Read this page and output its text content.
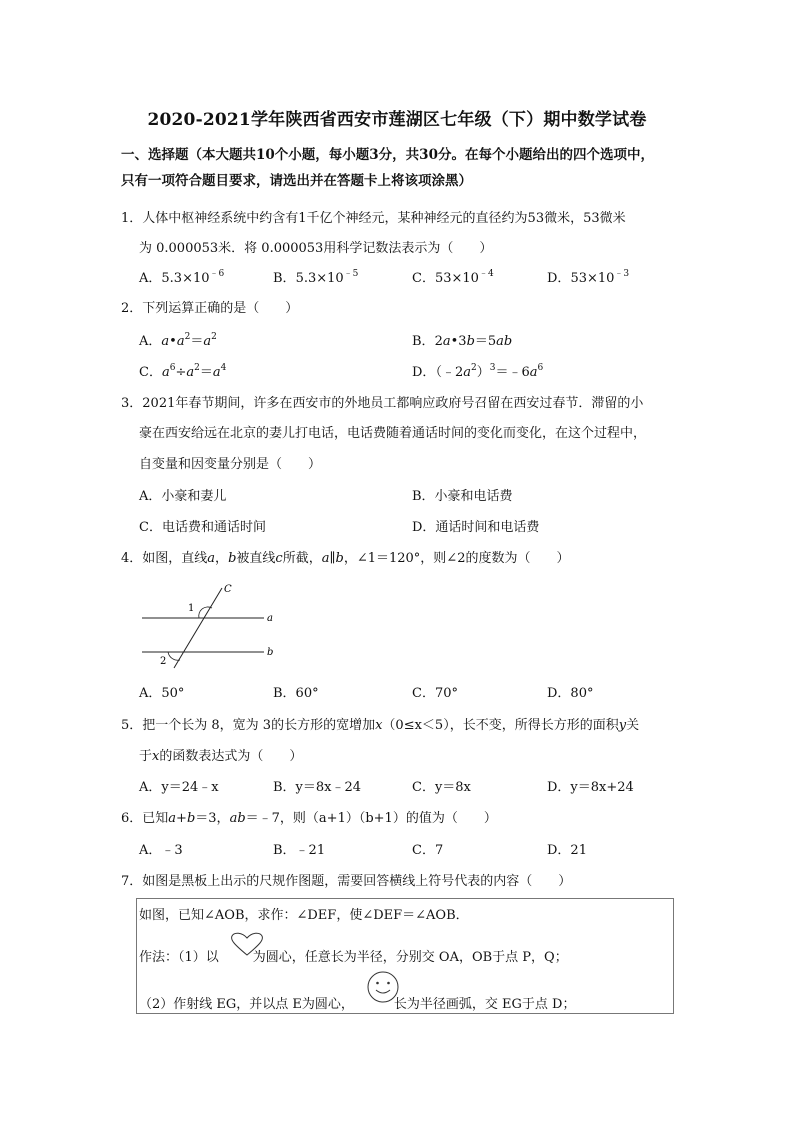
2020-2021学年陕西省西安市莲湖区七年级（下）期中数学试卷
一、选择题（本大题共10个小题，每小题3分，共30分。在每个小题给出的四个选项中，
只有一项符合题目要求，请选出并在答题卡上将该项涂黑）
1．人体中枢神经系统中约含有1千亿个神经元，某种神经元的直径约为53微米，53微米
为 0.000053米．将 0.000053用科学记数法表示为（　　）
A．$5.3\times 10^{﹣6}$	B．$5.3\times 10^{﹣5}$	C．$53\times 10^{﹣4}$	D．$53\times 10^{﹣3}$
2．下列运算正确的是（　　）
A．$a•a^2=a^2$	B．2a•3b＝5ab
C．$a^6\div a^2=a^4$	D．$(﹣2a^2)^3=﹣6a^6$
3．2021年春节期间，许多在西安市的外地员工都响应政府号召留在西安过春节．滞留的小
豪在西安给远在北京的妻儿打电话，电话费随着通话时间的变化而变化，在这个过程中，
自变量和因变量分别是（　　）
A．小豪和妻儿	B．小豪和电话费
C．电话费和通话时间	D．通话时间和电话费
4．如图，直线a，b被直线c所截，a∥b，∠1＝120°，则∠2的度数为（　　）
C
a
b
1
2
A．50°	B．60°	C．70°	D．80°
5．把一个长为 8，宽为 3的长方形的宽增加x（0≤x＜5），长不变，所得长方形的面积y关
于x的函数表达式为（　　）
A．y＝24﹣x	B．y＝8x﹣24	C．y＝8x	D．y＝8x+24
6．已知a+b＝3，ab＝﹣7，则（a+1）（b+1）的值为（　　）
A．﹣3	B．﹣21	C．7	D．21
7．如图是黑板上出示的尺规作图题，需要回答横线上符号代表的内容（　　）
如图，已知∠AOB，求作：∠DEF，使∠DEF＝∠AOB．
作法：（1）以	为圆心，任意长为半径，分别交 OA，OB于点 P，Q；
（2）作射线 EG，并以点 E为圆心，	长为半径画弧，交 EG于点 D；
